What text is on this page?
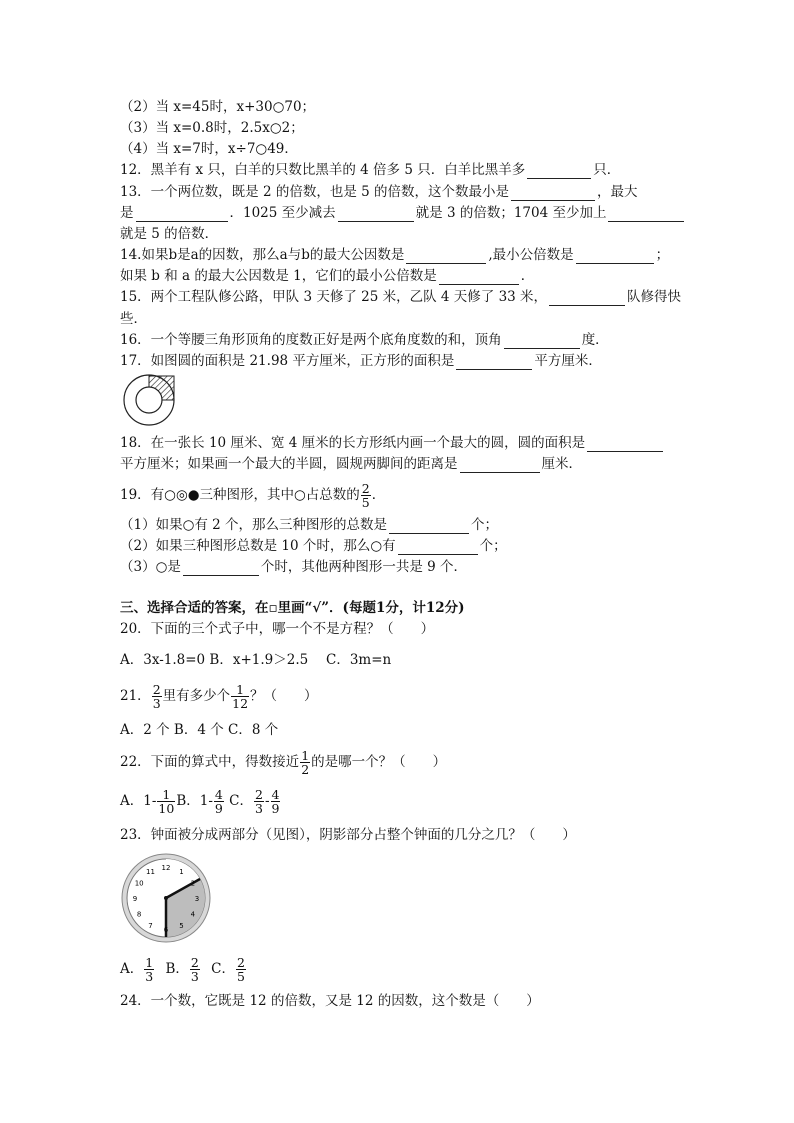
（2）当 x=45时，x+30○70；
（3）当 x=0.8时，2.5x○2；
（4）当 x=7时，x÷7○49．
12．黑羊有 x 只，白羊的只数比黑羊的 4 倍多 5 只．白羊比黑羊多	只．
13．一个两位数，既是 2 的倍数，也是 5 的倍数，这个数最小是	，最大
是	．1025 至少减去	就是 3 的倍数；1704 至少加上
就是 5 的倍数．
14.如果b是a的因数，那么a与b的最大公因数是	,最小公倍数是	；
如果 b 和 a 的最大公因数是 1，它们的最小公倍数是	．
15．两个工程队修公路，甲队 3 天修了 25 米，乙队 4 天修了 33 米，	队修得快
些．
16．一个等腰三角形顶角的度数正好是两个底角度数的和，顶角	度．
17．如图圆的面积是 21.98 平方厘米，正方形的面积是	平方厘米．
18．在一张长 10 厘米、宽 4 厘米的长方形纸内画一个最大的圆，圆的面积是
平方厘米；如果画一个最大的半圆，圆规两脚间的距离是	厘米．
19．有○◎●三种图形，其中○占总数的 $\frac{2}{5}$ ．
（1）如果○有 2 个，那么三种图形的总数是	个；
（2）如果三种图形总数是 10 个时，那么○有	个；
（3）○是	个时，其他两种图形一共是 9 个．
三、选择合适的答案，在▫里画“√”．(每题1分，计12分)
20．下面的三个式子中，哪一个不是方程？（　　）
A．3x-1.8=0 B．x+1.9＞2.5　 C．3m=n
21． $\frac{2}{3}$ 里有多少个 $\frac{1}{12}$ ？（　　）
A．2 个 B．4 个 C．8 个
22．下面的算式中，得数接近 $\frac{1}{2}$ 的是哪一个？（　　）
A．$1- \frac{1}{10}$ B．$1- \frac{4}{9}$ C． $\frac{2}{3} - \frac{4}{9}$
23．钟面被分成两部分（见图），阴影部分占整个钟面的几分之几？（　　）
12
1
2
3
4
5
6
7
8
9
10
11
A． $\frac{1}{3}$ B． $\frac{2}{3}$ C． $\frac{2}{5}$
24．一个数，它既是 12 的倍数，又是 12 的因数，这个数是（　　）
